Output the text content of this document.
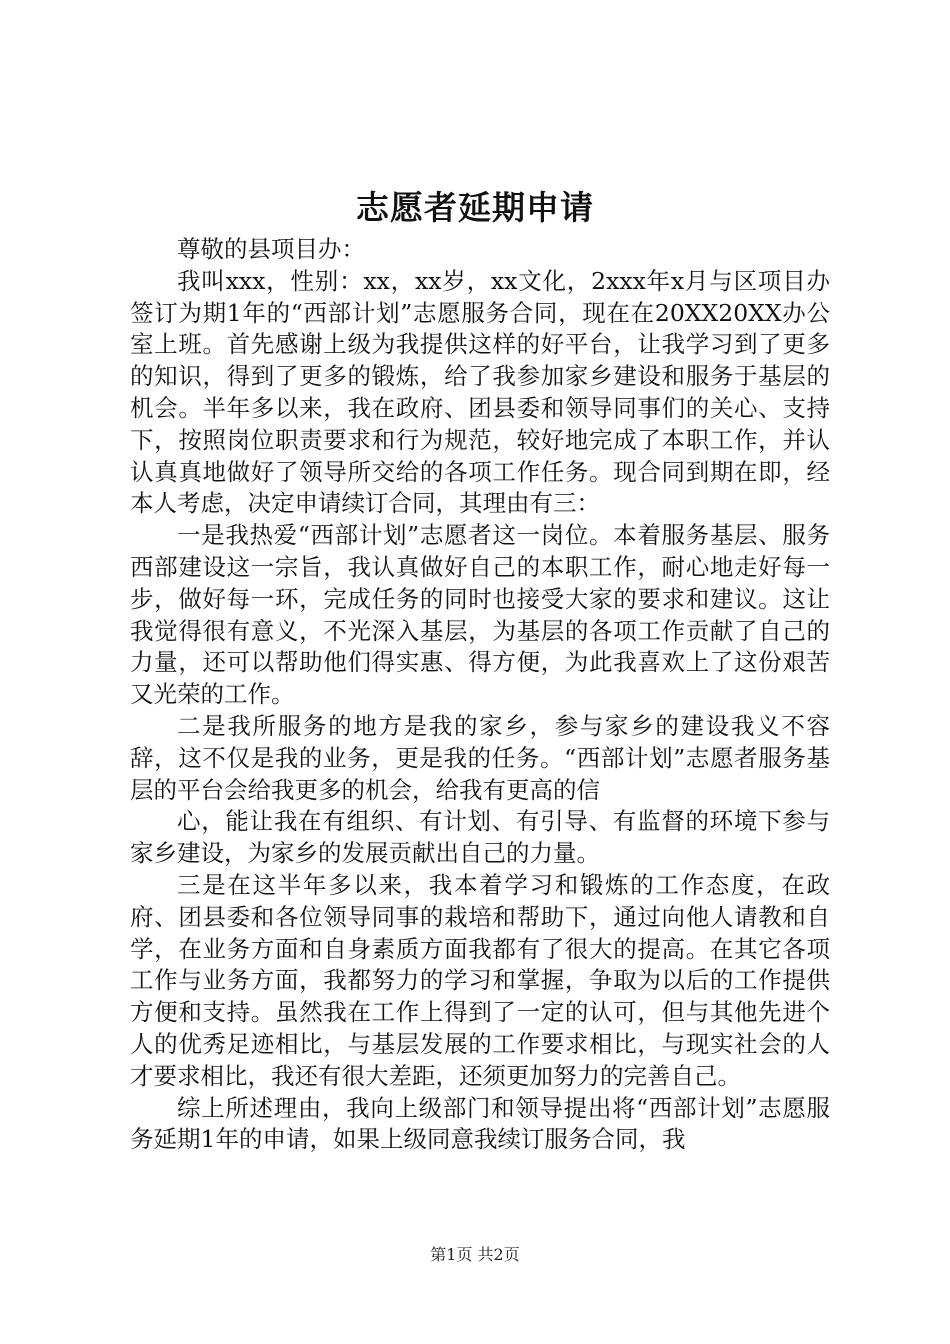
志愿者延期申请

尊敬的县项目办：

我叫xxx，性别：xx，xx岁，xx文化，2xxx年x月与区项目办签订为期1年的“西部计划”志愿服务合同，现在在20XX20XX办公室上班。首先感谢上级为我提供这样的好平台，让我学习到了更多的知识，得到了更多的锻炼，给了我参加家乡建设和服务于基层的机会。半年多以来，我在政府、团县委和领导同事们的关心、支持下，按照岗位职责要求和行为规范，较好地完成了本职工作，并认认真真地做好了领导所交给的各项工作任务。现合同到期在即，经本人考虑，决定申请续订合同，其理由有三：

一是我热爱“西部计划”志愿者这一岗位。本着服务基层、服务西部建设这一宗旨，我认真做好自己的本职工作，耐心地走好每一步，做好每一环，完成任务的同时也接受大家的要求和建议。这让我觉得很有意义，不光深入基层，为基层的各项工作贡献了自己的力量，还可以帮助他们得实惠、得方便，为此我喜欢上了这份艰苦又光荣的工作。

二是我所服务的地方是我的家乡，参与家乡的建设我义不容辞，这不仅是我的业务，更是我的任务。“西部计划”志愿者服务基层的平台会给我更多的机会，给我有更高的信

心，能让我在有组织、有计划、有引导、有监督的环境下参与家乡建设，为家乡的发展贡献出自己的力量。

三是在这半年多以来，我本着学习和锻炼的工作态度，在政府、团县委和各位领导同事的栽培和帮助下，通过向他人请教和自学，在业务方面和自身素质方面我都有了很大的提高。在其它各项工作与业务方面，我都努力的学习和掌握，争取为以后的工作提供方便和支持。虽然我在工作上得到了一定的认可，但与其他先进个人的优秀足迹相比，与基层发展的工作要求相比，与现实社会的人才要求相比，我还有很大差距，还须更加努力的完善自己。

综上所述理由，我向上级部门和领导提出将“西部计划”志愿服务延期1年的申请，如果上级同意我续订服务合同，我

第1页 共2页
